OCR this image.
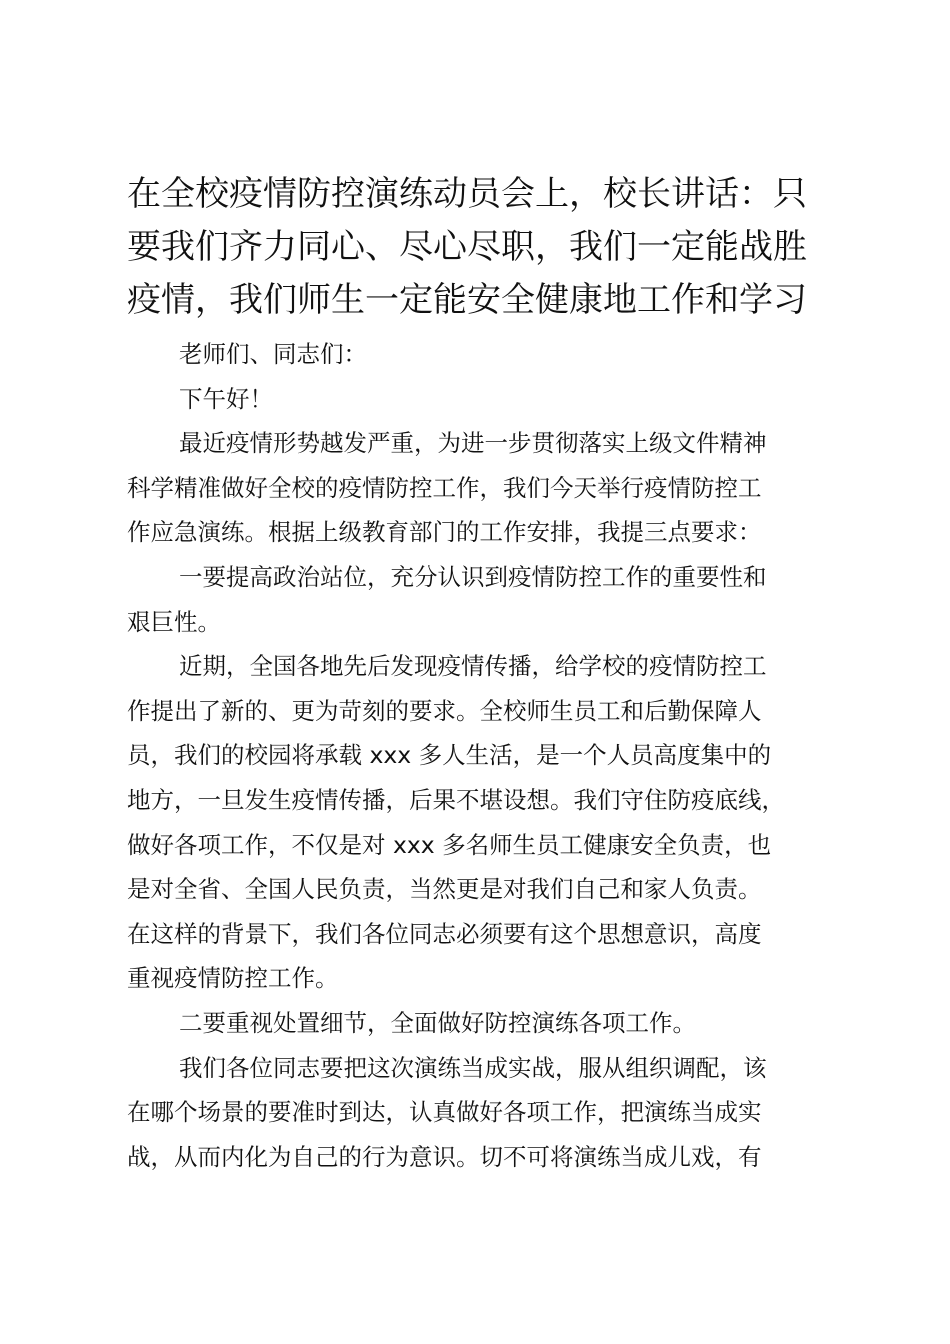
在全校疫情防控演练动员会上，校长讲话：只
要我们齐力同心、尽心尽职，我们一定能战胜
疫情，我们师生一定能安全健康地工作和学习
老师们、同志们：
下午好！
最近疫情形势越发严重，为进一步贯彻落实上级文件精神
科学精准做好全校的疫情防控工作，我们今天举行疫情防控工
作应急演练。根据上级教育部门的工作安排，我提三点要求：
一要提高政治站位，充分认识到疫情防控工作的重要性和
艰巨性。
近期，全国各地先后发现疫情传播，给学校的疫情防控工
作提出了新的、更为苛刻的要求。全校师生员工和后勤保障人
员，我们的校园将承载 xxx 多人生活，是一个人员高度集中的
地方，一旦发生疫情传播，后果不堪设想。我们守住防疫底线，
做好各项工作，不仅是对 xxx 多名师生员工健康安全负责，也
是对全省、全国人民负责，当然更是对我们自己和家人负责。
在这样的背景下，我们各位同志必须要有这个思想意识，高度
重视疫情防控工作。
二要重视处置细节，全面做好防控演练各项工作。
我们各位同志要把这次演练当成实战，服从组织调配，该
在哪个场景的要准时到达，认真做好各项工作，把演练当成实
战，从而内化为自己的行为意识。切不可将演练当成儿戏，有
